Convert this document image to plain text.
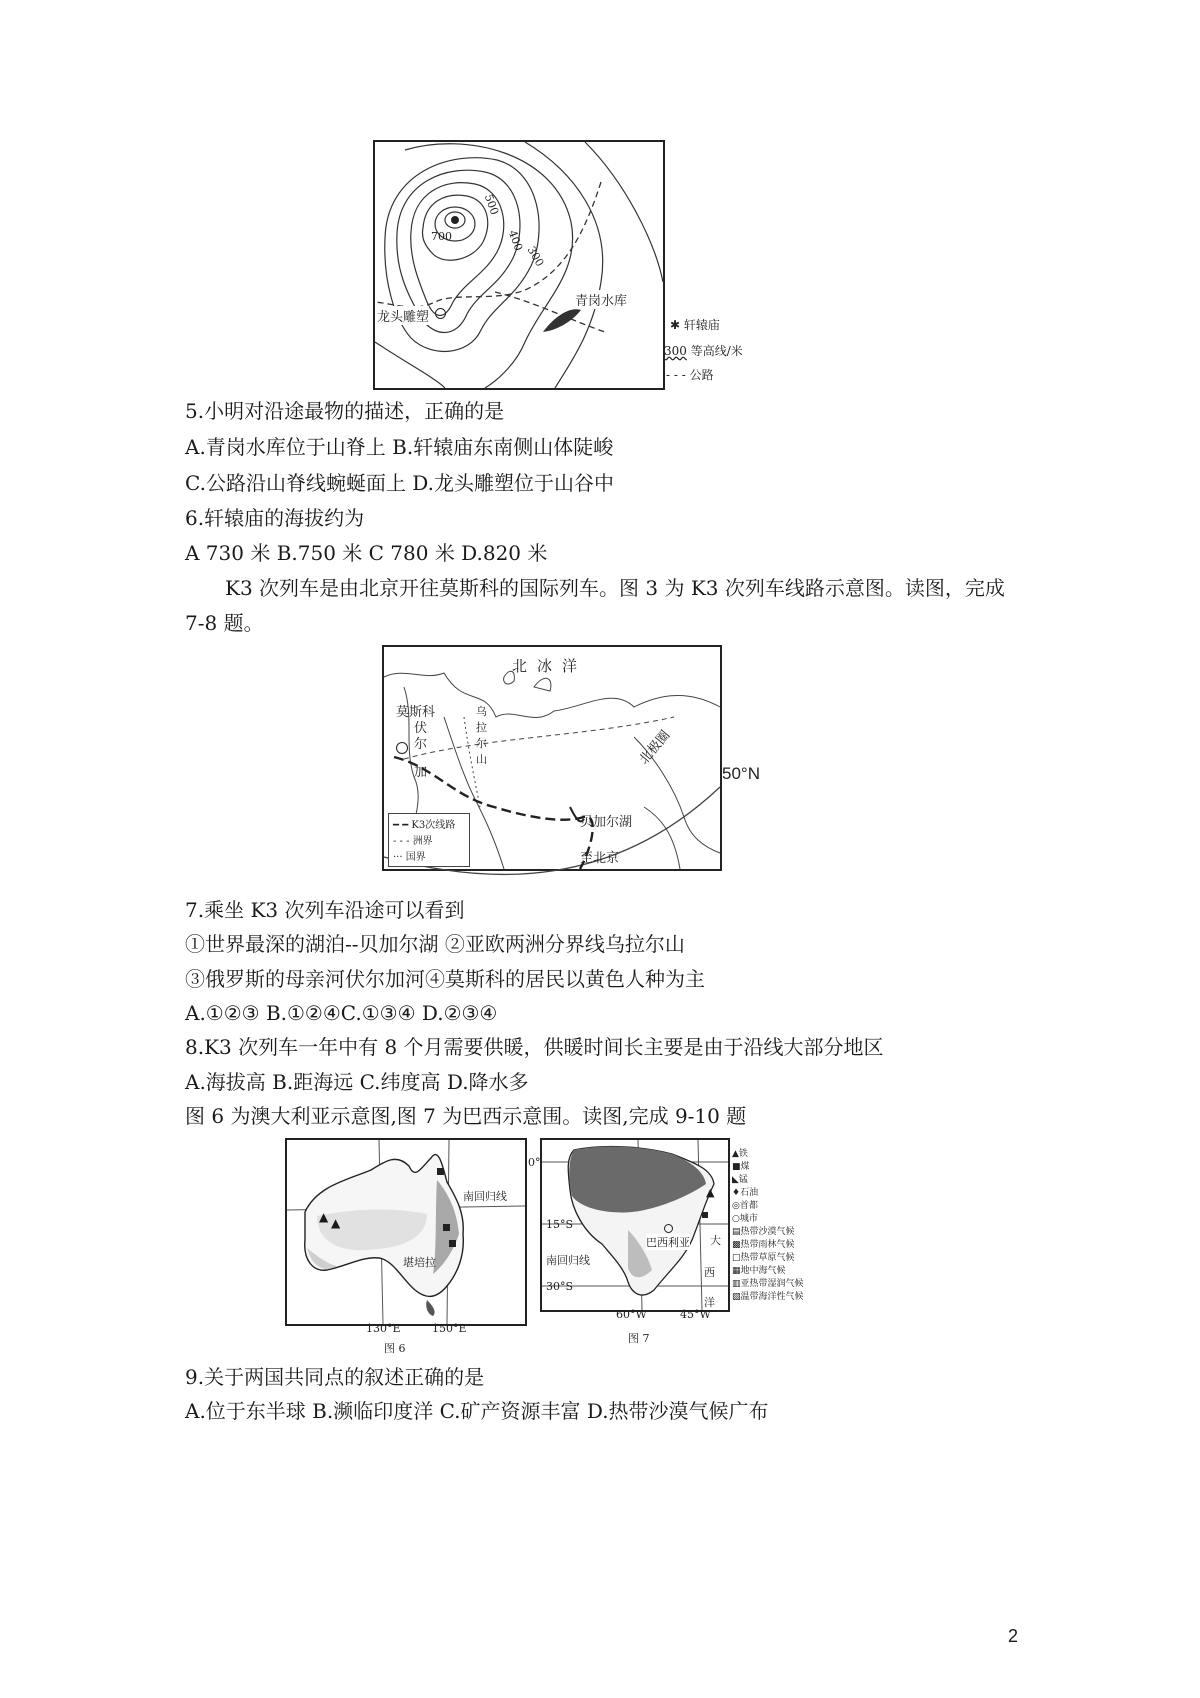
700
500
400
300
青岗水库
龙头雕塑	✱ 轩辕庙
300 等高线/米
- - - 公路
5.小明对沿途最物的描述，正确的是
A.青岗水库位于山脊上 B.轩辕庙东南侧山体陡峻
C.公路沿山脊线蜿蜒面上 D.龙头雕塑位于山谷中
6.轩辕庙的海拔约为
A 730 米 B.750 米 C 780 米 D.820 米
K3 次列车是由北京开往莫斯科的国际列车。图 3 为 K3 次列车线路示意图。读图，完成
7-8 题。
北冰洋
莫斯科
伏
尔
加
乌
拉
尔
山	北极圈
贝加尔湖
至北京
━ ━ K3次线路
- - - 洲界
··· 国界
50°N
7.乘坐 K3 次列车沿途可以看到
①世界最深的湖泊--贝加尔湖 ②亚欧两洲分界线乌拉尔山
③俄罗斯的母亲河伏尔加河④莫斯科的居民以黄色人种为主
A.①②③ B.①②④C.①③④ D.②③④
8.K3 次列车一年中有 8 个月需要供暖，供暖时间长主要是由于沿线大部分地区
A.海拔高 B.距海远 C.纬度高 D.降水多
图 6 为澳大利亚示意图,图 7 为巴西示意围。读图,完成 9-10 题
▲ ▲
南回归线
堪培拉
130°E	150°E
图 6
0°
15°S
南回归线
30°S
巴西利亚 大
西
洋
▲
60°W	45°W
图 7
▲铁
■煤
◣锰
♦石油
◎首都
○城市
▤热带沙漠气候
▩热带雨林气候
□热带草原气候
▦地中海气候
▥亚热带湿润气候
▧温带海洋性气候
9.关于两国共同点的叙述正确的是
A.位于东半球 B.濒临印度洋 C.矿产资源丰富 D.热带沙漠气候广布
2
